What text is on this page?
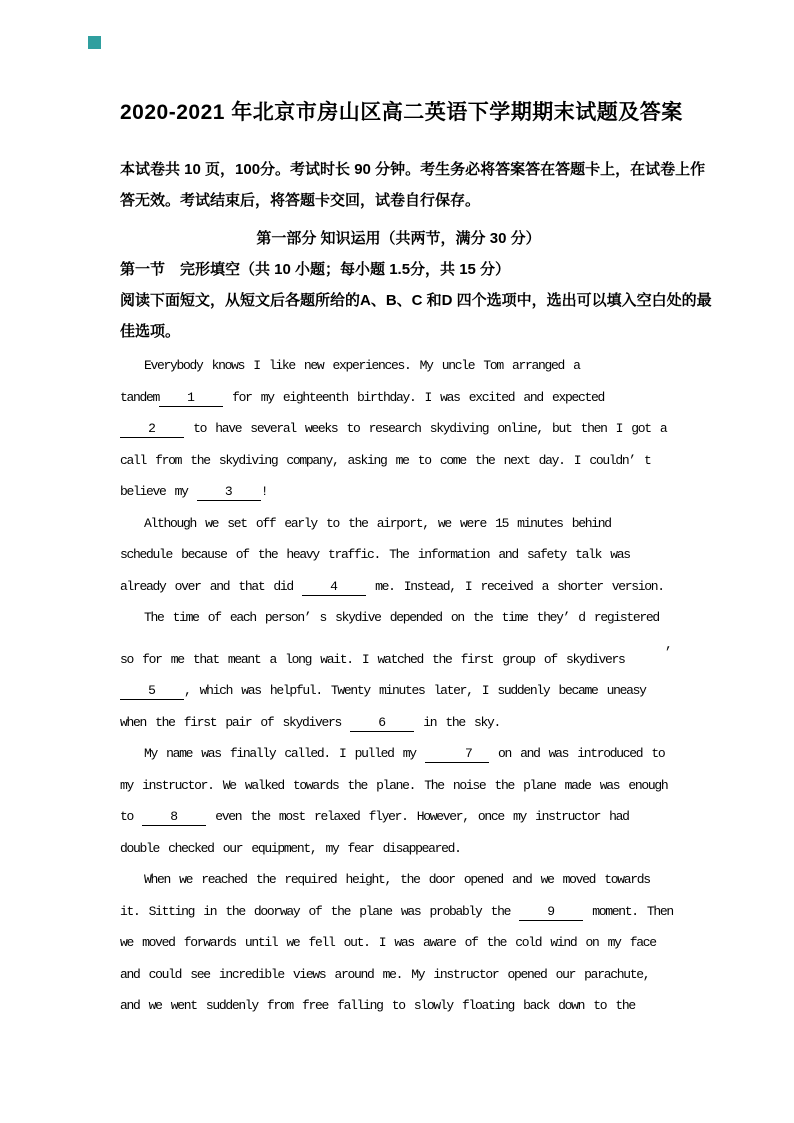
2020-2021 年北京市房山区高二英语下学期期末试题及答案
本试卷共 10 页，100分。考试时长 90 分钟。考生务必将答案答在答题卡上，在试卷上作
答无效。考试结束后，将答题卡交回，试卷自行保存。
第一部分 知识运用（共两节，满分 30 分）
第一节　完形填空（共 10 小题；每小题 1.5分，共 15 分）
阅读下面短文，从短文后各题所给的A、B、C 和D 四个选项中，选出可以填入空白处的最
佳选项。
Everybody knows I like new experiences. My uncle Tom arranged a
tandem 1 for my eighteenth birthday. I was excited and expected
2 to have several weeks to research skydiving online, but then I got a
call from the skydiving company, asking me to come the next day. I couldn’ t
believe my 3 !
Although we set off early to the airport, we were 15 minutes behind
schedule because of the heavy traffic. The information and safety talk was
already over and that did 4 me. Instead, I received a shorter version.
The time of each person’ s skydive depended on the time they’ d registered
,
so for me that meant a long wait. I watched the first group of skydivers
5 , which was helpful. Twenty minutes later, I suddenly became uneasy
when the first pair of skydivers 6 in the sky.
My name was finally called. I pulled my	7 on and was introduced to
my instructor. We walked towards the plane. The noise the plane made was enough
to 8 even the most relaxed flyer. However, once my instructor had
double checked our equipment, my fear disappeared.
When we reached the required height, the door opened and we moved towards
it. Sitting in the doorway of the plane was probably the 9 moment. Then
we moved forwards until we fell out. I was aware of the cold wind on my face
and could see incredible views around me. My instructor opened our parachute,
and we went suddenly from free falling to slowly floating back down to the
